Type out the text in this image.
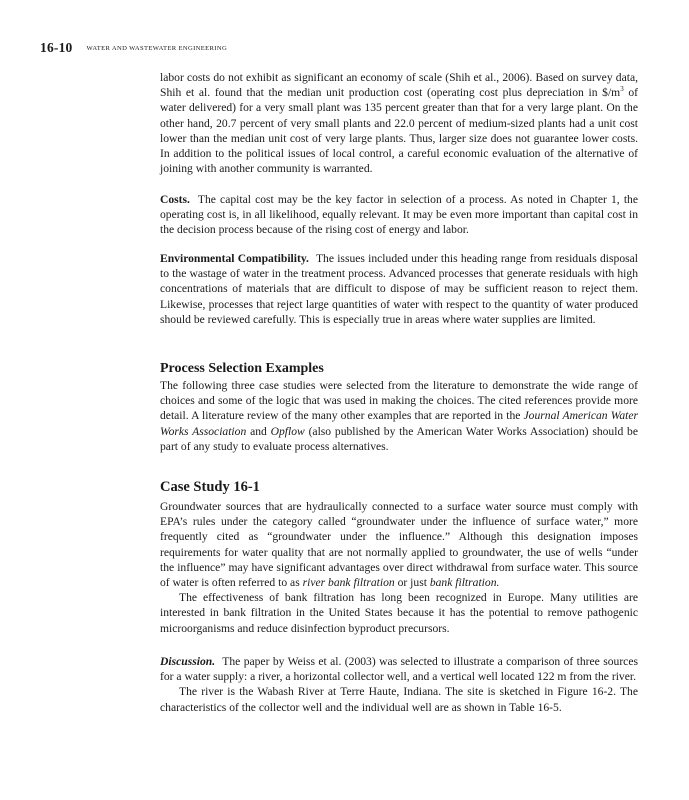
16-10 WATER AND WASTEWATER ENGINEERING

labor costs do not exhibit as significant an economy of scale (Shih et al., 2006). Based on survey data, Shih et al. found that the median unit production cost (operating cost plus depreciation in $\$/m^3$ of water delivered) for a very small plant was 135 percent greater than that for a very large plant. On the other hand, 20.7 percent of very small plants and 22.0 percent of medium-sized plants had a unit cost lower than the median unit cost of very large plants. Thus, larger size does not guarantee lower costs. In addition to the political issues of local control, a careful economic evaluation of the alternative of joining with another community is warranted.

Costs. The capital cost may be the key factor in selection of a process. As noted in Chapter 1, the operating cost is, in all likelihood, equally relevant. It may be even more important than capital cost in the decision process because of the rising cost of energy and labor.

Environmental Compatibility. The issues included under this heading range from residuals disposal to the wastage of water in the treatment process. Advanced processes that generate residuals with high concentrations of materials that are difficult to dispose of may be sufficient reason to reject them. Likewise, processes that reject large quantities of water with respect to the quantity of water produced should be reviewed carefully. This is especially true in areas where water supplies are limited.

Process Selection Examples

The following three case studies were selected from the literature to demonstrate the wide range of choices and some of the logic that was used in making the choices. The cited references provide more detail. A literature review of the many other examples that are reported in the Journal American Water Works Association and Opflow (also published by the American Water Works Association) should be part of any study to evaluate process alternatives.

Case Study 16-1

Groundwater sources that are hydraulically connected to a surface water source must comply with EPA’s rules under the category called “groundwater under the influence of surface water,” more frequently cited as “groundwater under the influence.” Although this designation imposes requirements for water quality that are not normally applied to groundwater, the use of wells “under the influence” may have significant advantages over direct withdrawal from surface water. This source of water is often referred to as river bank filtration or just bank filtration.

The effectiveness of bank filtration has long been recognized in Europe. Many utilities are interested in bank filtration in the United States because it has the potential to remove pathogenic microorganisms and reduce disinfection byproduct precursors.

Discussion. The paper by Weiss et al. (2003) was selected to illustrate a comparison of three sources for a water supply: a river, a horizontal collector well, and a vertical well located 122 m from the river.

The river is the Wabash River at Terre Haute, Indiana. The site is sketched in Figure 16-2. The characteristics of the collector well and the individual well are as shown in Table 16-5.
